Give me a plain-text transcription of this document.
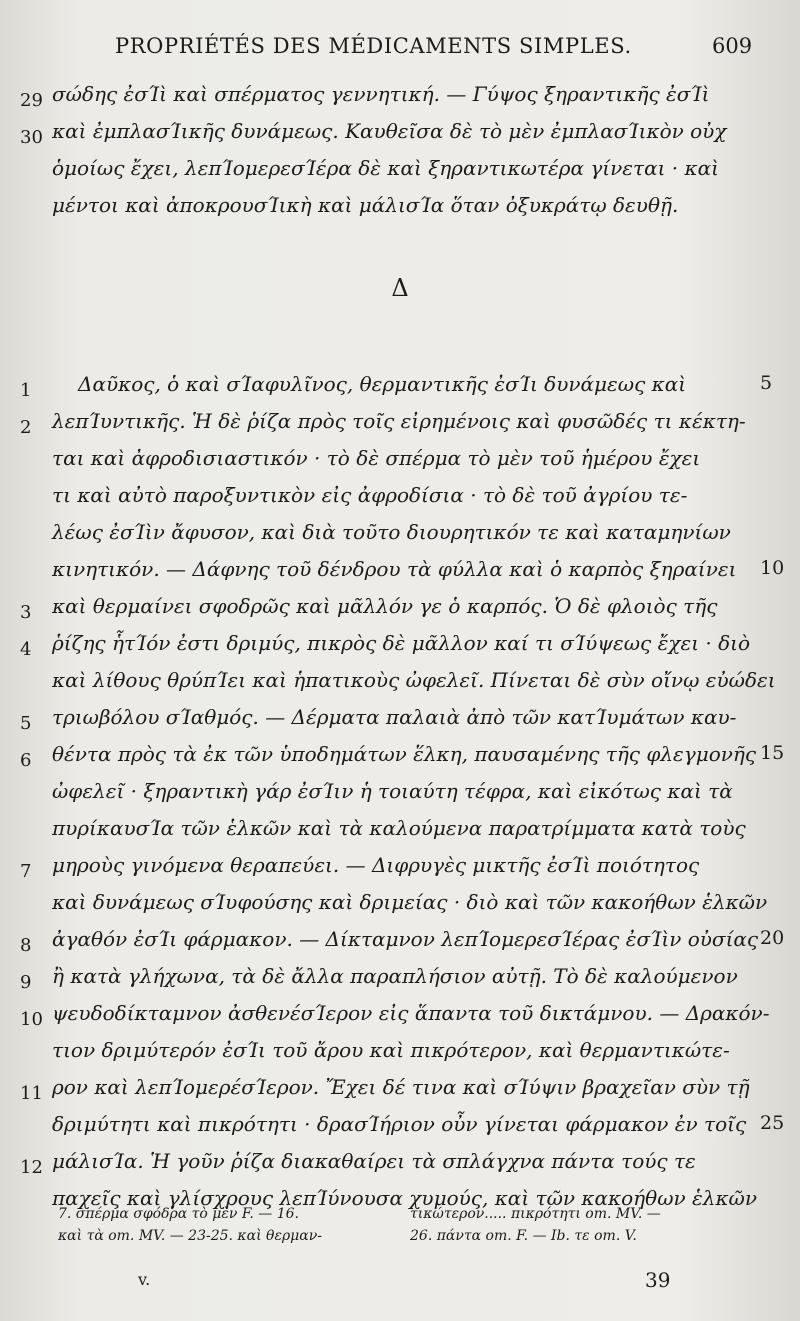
PROPRIÉTÉS DES MÉDICAMENTS SIMPLES.	609
29 σώδης ἐσΊὶ καὶ σπέρματος γεννητική. — Γύψος ξηραντικῆς ἐσΊὶ
30 καὶ ἐμπλασΊικῆς δυνάμεως. Καυθεῖσα δὲ τὸ μὲν ἐμπλασΊικὸν οὐχ
ὁμοίως ἔχει, λεπΊομερεσΊέρα δὲ καὶ ξηραντικωτέρα γίνεται · καὶ
μέντοι καὶ ἀποκρουσΊικὴ καὶ μάλισΊα ὅταν ὀξυκράτῳ δευθῇ.
Δ
1 Δαῦκος, ὁ καὶ σΊαφυλῖνος, θερμαντικῆς ἐσΊι δυνάμεως καὶ	5
2 λεπΊυντικῆς. Ἡ δὲ ῥίζα πρὸς τοῖς εἰρημένοις καὶ φυσῶδές τι κέκτη-
ται καὶ ἀφροδισιαστικόν · τὸ δὲ σπέρμα τὸ μὲν τοῦ ἡμέρου ἔχει
τι καὶ αὐτὸ παροξυντικὸν εἰς ἀφροδίσια · τὸ δὲ τοῦ ἀγρίου τε-
λέως ἐσΊὶν ἄφυσον, καὶ διὰ τοῦτο διουρητικόν τε καὶ καταμηνίων
κινητικόν. — Δάφνης τοῦ δένδρου τὰ φύλλα καὶ ὁ καρπὸς ξηραίνει	10
3 καὶ θερμαίνει σφοδρῶς καὶ μᾶλλόν γε ὁ καρπός. Ὁ δὲ φλοιὸς τῆς
4 ῥίζης ἧτΊόν ἐστι δριμύς, πικρὸς δὲ μᾶλλον καί τι σΊύψεως ἔχει · διὸ
καὶ λίθους θρύπΊει καὶ ἡπατικοὺς ὠφελεῖ. Πίνεται δὲ σὺν οἴνῳ εὐώδει
5 τριωβόλου σΊαθμός. — Δέρματα παλαιὰ ἀπὸ τῶν κατΊυμάτων καυ-
6 θέντα πρὸς τὰ ἐκ τῶν ὑποδημάτων ἕλκη, παυσαμένης τῆς φλεγμονῆς 15
ὠφελεῖ · ξηραντικὴ γάρ ἐσΊιν ἡ τοιαύτη τέφρα, καὶ εἰκότως καὶ τὰ
πυρίκαυσΊα τῶν ἑλκῶν καὶ τὰ καλούμενα παρατρίμματα κατὰ τοὺς
7 μηροὺς γινόμενα θεραπεύει. — Διφρυγὲς μικτῆς ἐσΊὶ ποιότητος
καὶ δυνάμεως σΊυφούσης καὶ δριμείας · διὸ καὶ τῶν κακοήθων ἑλκῶν
8 ἀγαθόν ἐσΊι φάρμακον. — Δίκταμνον λεπΊομερεσΊέρας ἐσΊὶν οὐσίας 20
9 ἢ κατὰ γλήχωνα, τὰ δὲ ἄλλα παραπλήσιον αὐτῇ. Τὸ δὲ καλούμενον
10 ψευδοδίκταμνον ἀσθενέσΊερον εἰς ἅπαντα τοῦ δικτάμνου. — Δρακόν-
τιον δριμύτερόν ἐσΊι τοῦ ἄρου καὶ πικρότερον, καὶ θερμαντικώτε-
11 ρον καὶ λεπΊομερέσΊερον. Ἔχει δέ τινα καὶ σΊύψιν βραχεῖαν σὺν τῇ
δριμύτητι καὶ πικρότητι · δρασΊήριον οὖν γίνεται φάρμακον ἐν τοῖς 25
12 μάλισΊα. Ἡ γοῦν ῥίζα διακαθαίρει τὰ σπλάγχνα πάντα τούς τε
παχεῖς καὶ γλίσχρους λεπΊύνουσα χυμούς, καὶ τῶν κακοήθων ἑλκῶν
7. σπέρμα σφόδρα τὸ μὲν F. — 16.
καὶ τὰ om. MV. — 23-25. καὶ θερμαν-
τικώτερον..... πικρότητι om. MV. —
26. πάντα om. F. — Ib. τε om. V.
v.	39
